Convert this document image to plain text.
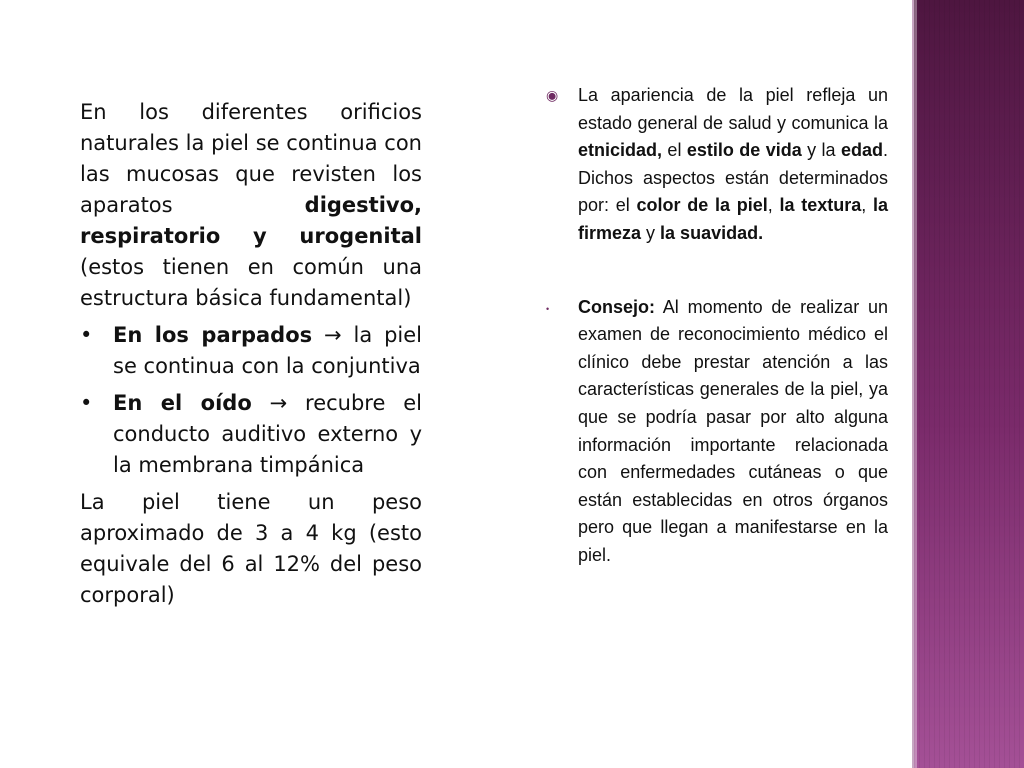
En los diferentes orificios naturales la piel se continua con las mucosas que revisten los aparatos digestivo, respiratorio y urogenital (estos tienen en común una estructura básica fundamental)

• En los parpados → la piel se continua con la conjuntiva
• En el oído → recubre el conducto auditivo externo y la membrana timpánica

La piel tiene un peso aproximado de 3 a 4 kg (esto equivale del 6 al 12% del peso corporal)

◉	La apariencia de la piel refleja un estado general de salud y comunica la etnicidad, el estilo de vida y la edad. Dichos aspectos están determinados por: el color de la piel, la textura, la firmeza y la suavidad.
•	Consejo: Al momento de realizar un examen de reconocimiento médico el clínico debe prestar atención a las características generales de la piel, ya que se podría pasar por alto alguna información importante relacionada con enfermedades cutáneas o que están establecidas en otros órganos pero que llegan a manifestarse en la piel.
